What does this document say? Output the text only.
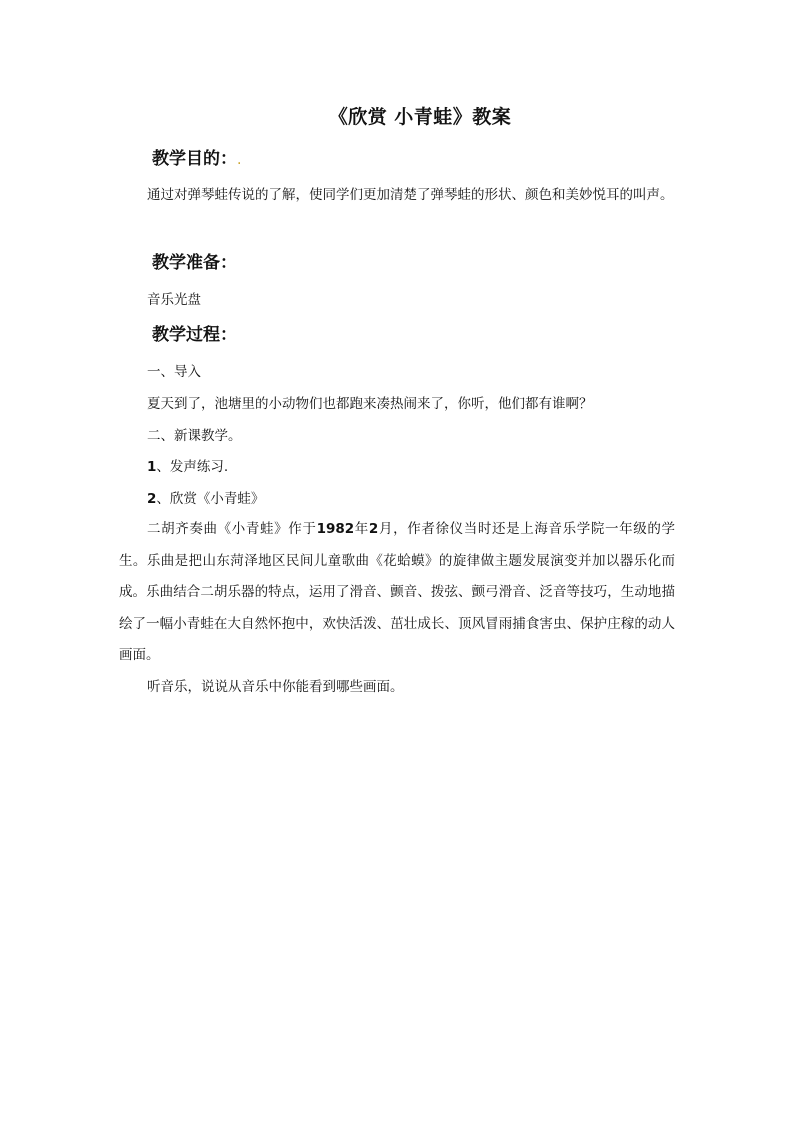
《欣赏 小青蛙》教案
教学目的：.
通过对弹琴蛙传说的了解，使同学们更加清楚了弹琴蛙的形状、颜色和美妙悦耳的叫声。
教学准备：
音乐光盘
教学过程：
一、导入
夏天到了，池塘里的小动物们也都跑来凑热闹来了，你听，他们都有谁啊？
二、新课教学。
1、发声练习.
2、欣赏《小青蛙》
二胡齐奏曲《小青蛙》作于1982年2月，作者徐仪当时还是上海音乐学院一年级的学生。乐曲是把山东菏泽地区民间儿童歌曲《花蛤蟆》的旋律做主题发展演变并加以器乐化而成。乐曲结合二胡乐器的特点，运用了滑音、颤音、拨弦、颤弓滑音、泛音等技巧，生动地描绘了一幅小青蛙在大自然怀抱中，欢快活泼、茁壮成长、顶风冒雨捕食害虫、保护庄稼的动人画面。
听音乐，说说从音乐中你能看到哪些画面。
